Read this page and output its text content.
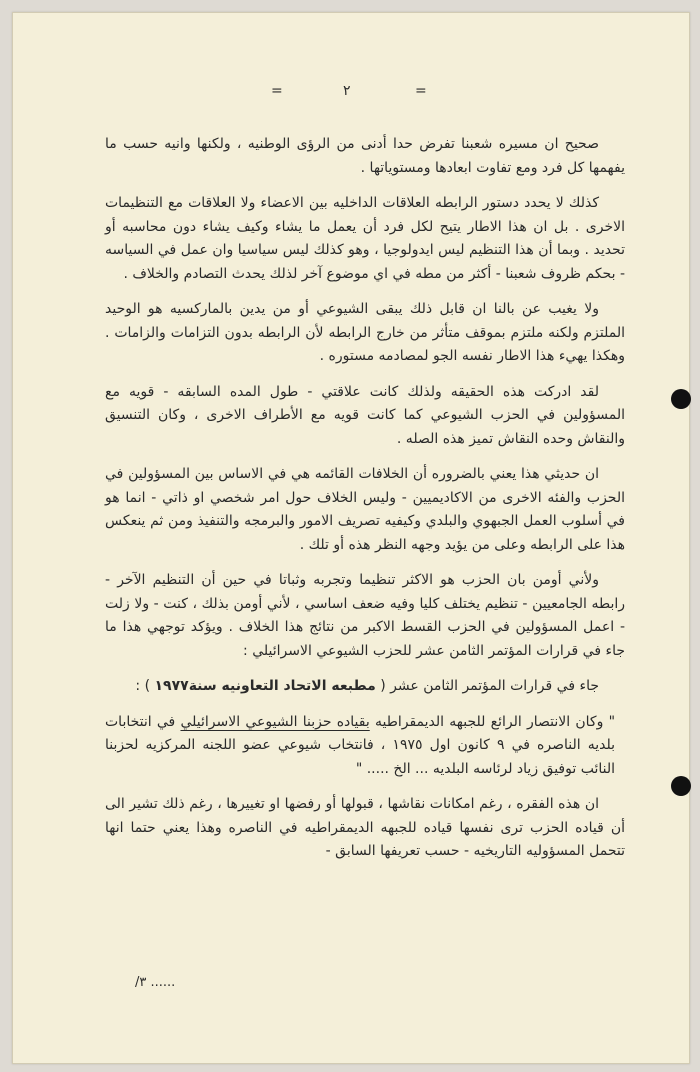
=	٢	=

صحيح ان مسيره شعبنا تفرض حدا أدنى من الرؤى الوطنيه ، ولكنها وانيه حسب ما يفهمها كل فرد ومع تفاوت ابعادها ومستوياتها .

كذلك لا يحدد دستور الرابطه العلاقات الداخليه بين الاعضاء ولا العلاقات مع التنظيمات الاخرى . بل ان هذا الاطار يتيح لكل فرد أن يعمل ما يشاء وكيف يشاء دون محاسبه أو تحديد . وبما أن هذا التنظيم ليس ايدولوجيا ، وهو كذلك ليس سياسيا وان عمل في السياسه - بحكم ظروف شعبنا - أكثر من مطه في اي موضوع آخر لذلك يحدث التصادم والخلاف .

ولا يغيب عن بالنا ان قابل ذلك يبقى الشيوعي أو من يدين بالماركسيه هو الوحيد الملتزم ولكنه ملتزم بموقف متأثر من خارج الرابطه لأن الرابطه بدون التزامات والزامات . وهكذا يهيء هذا الاطار نفسه الجو لمصادمه مستوره .

لقد ادركت هذه الحقيقه ولذلك كانت علاقتي - طول المده السابقه - قويه مع المسؤولين في الحزب الشيوعي كما كانت قويه مع الأطراف الاخرى ، وكان التنسيق والنقاش وحده النقاش تميز هذه الصله .

ان حديثي هذا يعني بالضروره أن الخلافات القائمه هي في الاساس بين المسؤولين في الحزب والفئه الاخرى من الاكاديميين - وليس الخلاف حول امر شخصي او ذاتي - انما هو في أسلوب العمل الجبهوي والبلدي وكيفيه تصريف الامور والبرمجه والتنفيذ ومن ثم ينعكس هذا على الرابطه وعلى من يؤيد وجهه النظر هذه أو تلك .

ولأني أومن بان الحزب هو الاكثر تنظيما وتجربه وثباتا في حين أن التنظيم الآخر - رابطه الجامعيين - تنظيم يختلف كليا وفيه ضعف اساسي ، لأني أومن بذلك ، كنت - ولا زلت - اعمل المسؤولين في الحزب القسط الاكبر من نتائج هذا الخلاف . ويؤكد توجهي هذا ما جاء في قرارات المؤتمر الثامن عشر للحزب الشيوعي الاسرائيلي :

جاء في قرارات المؤتمر الثامن عشر ( مطبعه الاتحاد التعاونيه سنة١٩٧٧ ) :

" وكان الانتصار الرائع للجبهه الديمقراطيه بقياده حزبنا الشيوعي الاسرائيلي في انتخابات بلديه الناصره في ٩ كانون اول ١٩٧٥ ، فانتخاب شيوعي عضو اللجنه المركزيه لحزبنا النائب توفيق زياد لرئاسه البلديه ... الخ ..... "

ان هذه الفقره ، رغم امكانات نقاشها ، قبولها أو رفضها او تغييرها ، رغم ذلك تشير الى أن قياده الحزب ترى نفسها قياده للجبهه الديمقراطيه في الناصره وهذا يعني حتما انها تتحمل المسؤوليه التاريخيه - حسب تعريفها السابق -

/٣ ......
